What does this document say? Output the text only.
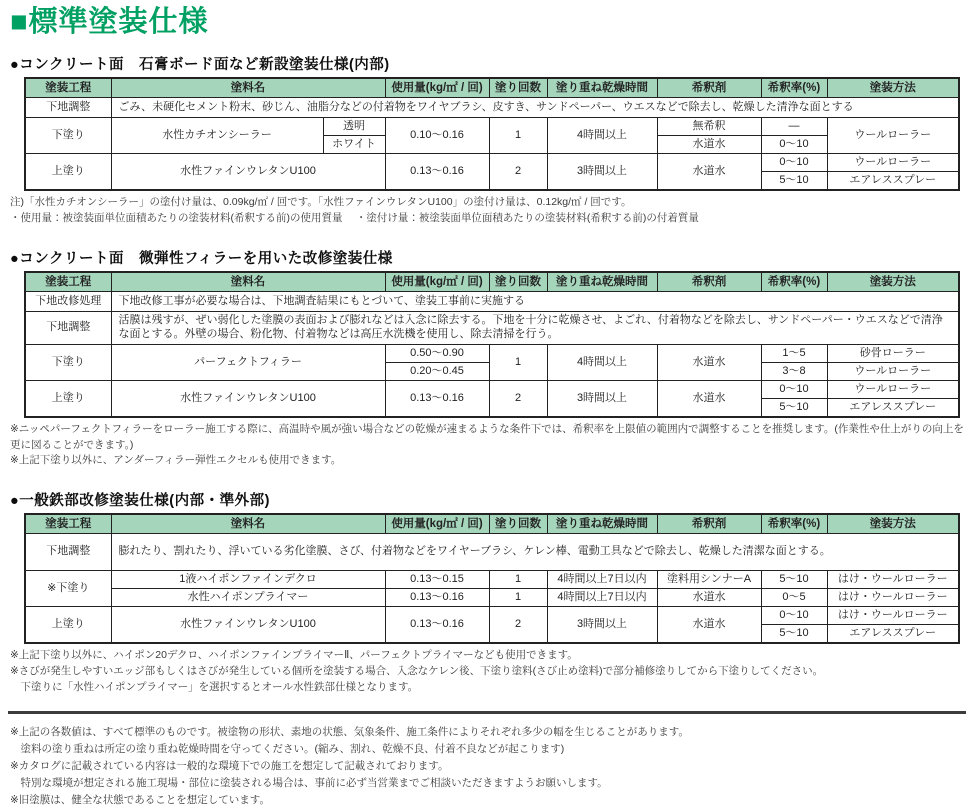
■標準塗装仕様
●コンクリート面　石膏ボード面など新設塗装仕様(内部)
塗装工程	塗料名		使用量(kg/㎡ / 回)	塗り回数	塗り重ね乾燥時間	希釈剤	希釈率(%)	塗装方法
下地調整	ごみ、未硬化セメント粉末、砂じん、油脂分などの付着物をワイヤブラシ、皮すき、サンドペーパー、ウエスなどで除去し、乾燥した清浄な面とする							
下塗り	水性カチオンシーラー	透明	0.10～0.16	1	4時間以上	無希釈	—	ウールローラー
		ホワイト				水道水	0～10	
上塗り	水性ファインウレタンU100		0.13～0.16	2	3時間以上	水道水	0～10	ウールローラー
							5～10	エアレススプレー
注)「水性カチオンシーラー」の塗付け量は、0.09kg/㎡ / 回です。「水性ファインウレタンU100」の塗付け量は、0.12kg/㎡ / 回です。
・使用量：被塗装面単位面積あたりの塗装材料(希釈する前)の使用質量　 ・塗付け量：被塗装面単位面積あたりの塗装材料(希釈する前)の付着質量
●コンクリート面　微弾性フィラーを用いた改修塗装仕様
塗装工程	塗料名	使用量(kg/㎡ / 回)	塗り回数	塗り重ね乾燥時間	希釈剤	希釈率(%)	塗装方法
下地改修処理	下地改修工事が必要な場合は、下地調査結果にもとづいて、塗装工事前に実施する						
下地調整	活膜は残すが、ぜい弱化した塗膜の表面および膨れなどは入念に除去する。下地を十分に乾燥させ、よごれ、付着物などを除去し、サンドペーパー・ウエスなどで清浄な面とする。外壁の場合、粉化物、付着物などは高圧水洗機を使用し、除去清掃を行う。						
下塗り	パーフェクトフィラー	0.50～0.90	1	4時間以上	水道水	1～5	砂骨ローラー
		0.20～0.45				3～8	ウールローラー
上塗り	水性ファインウレタンU100	0.13～0.16	2	3時間以上	水道水	0～10	ウールローラー
						5～10	エアレススプレー
※ニッペパーフェクトフィラーをローラー施工する際に、高温時や風が強い場合などの乾燥が速まるような条件下では、希釈率を上限値の範囲内で調整することを推奨します。(作業性や仕上がりの向上を更に図ることができます。)
※上記下塗り以外に、アンダーフィラー弾性エクセルも使用できます。
●一般鉄部改修塗装仕様(内部・準外部)
塗装工程	塗料名	使用量(kg/㎡ / 回)	塗り回数	塗り重ね乾燥時間	希釈剤	希釈率(%)	塗装方法
下地調整	膨れたり、割れたり、浮いている劣化塗膜、さび、付着物などをワイヤーブラシ、ケレン棒、電動工具などで除去し、乾燥した清潔な面とする。						
※下塗り	1液ハイポンファインデクロ	0.13～0.15	1	4時間以上7日以内	塗料用シンナーA	5～10	はけ・ウールローラー
	水性ハイポンプライマー	0.13～0.16	1	4時間以上7日以内	水道水	0～5	はけ・ウールローラー
上塗り	水性ファインウレタンU100	0.13～0.16	2	3時間以上	水道水	0～10	はけ・ウールローラー
						5～10	エアレススプレー
※上記下塗り以外に、ハイポン20デクロ、ハイポンファインプライマーⅡ、パーフェクトプライマーなども使用できます。
※さびが発生しやすいエッジ部もしくはさびが発生している個所を塗装する場合、入念なケレン後、下塗り塗料(さび止め塗料)で部分補修塗りしてから下塗りしてください。
　下塗りに「水性ハイポンプライマー」を選択するとオール水性鉄部仕様となります。
※上記の各数値は、すべて標準のものです。被塗物の形状、素地の状態、気象条件、施工条件によりそれぞれ多少の幅を生じることがあります。
　塗料の塗り重ねは所定の塗り重ね乾燥時間を守ってください。(縮み、割れ、乾燥不良、付着不良などが起こります)
※カタログに記載されている内容は一般的な環境下での施工を想定して記載されております。
　特別な環境が想定される施工現場・部位に塗装される場合は、事前に必ず当営業までご相談いただきますようお願いします。
※旧塗膜は、健全な状態であることを想定しています。
